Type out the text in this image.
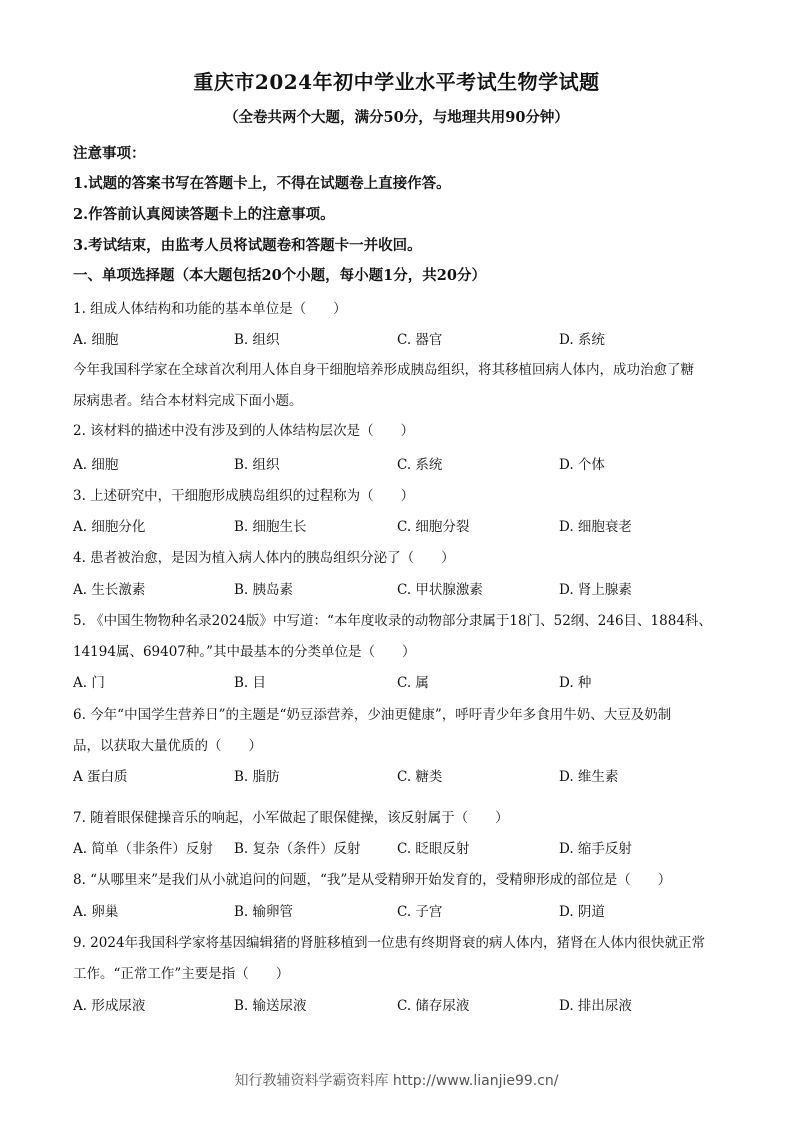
重庆市2024年初中学业水平考试生物学试题
（全卷共两个大题，满分50分，与地理共用90分钟）
注意事项：
1.试题的答案书写在答题卡上，不得在试题卷上直接作答。
2.作答前认真阅读答题卡上的注意事项。
3.考试结束，由监考人员将试题卷和答题卡一并收回。
一、单项选择题（本大题包括20个小题，每小题1分，共20分）
1. 组成人体结构和功能的基本单位是（　　）
A. 细胞	B. 组织	C. 器官	D. 系统
今年我国科学家在全球首次利用人体自身干细胞培养形成胰岛组织，将其移植回病人体内，成功治愈了糖
尿病患者。结合本材料完成下面小题。
2. 该材料的描述中没有涉及到的人体结构层次是（　　）
A. 细胞	B. 组织	C. 系统	D. 个体
3. 上述研究中，干细胞形成胰岛组织的过程称为（　　）
A. 细胞分化	B. 细胞生长	C. 细胞分裂	D. 细胞衰老
4. 患者被治愈，是因为植入病人体内的胰岛组织分泌了（　　）
A. 生长激素	B. 胰岛素	C. 甲状腺激素	D. 肾上腺素
5. 《中国生物物种名录2024版》中写道：“本年度收录的动物部分隶属于18门、52纲、246目、1884科、
14194属、69407种。”其中最基本的分类单位是（　　）
A. 门	B. 目	C. 属	D. 种
6. 今年“中国学生营养日”的主题是“奶豆添营养，少油更健康”，呼吁青少年多食用牛奶、大豆及奶制
品，以获取大量优质的（　　）
A 蛋白质	B. 脂肪	C. 糖类	D. 维生素
7. 随着眼保健操音乐的响起，小军做起了眼保健操，该反射属于（　　）
A. 简单（非条件）反射 B. 复杂（条件）反射	C. 眨眼反射	D. 缩手反射
8. “从哪里来”是我们从小就追问的问题，“我”是从受精卵开始发育的，受精卵形成的部位是（　　）
A. 卵巢	B. 输卵管	C. 子宫	D. 阴道
9. 2024年我国科学家将基因编辑猪的肾脏移植到一位患有终期肾衰的病人体内，猪肾在人体内很快就正常
工作。“正常工作”主要是指（　　）
A. 形成尿液	B. 输送尿液	C. 储存尿液	D. 排出尿液
知行教辅资料学霸资料库 http://www.lianjie99.cn/
